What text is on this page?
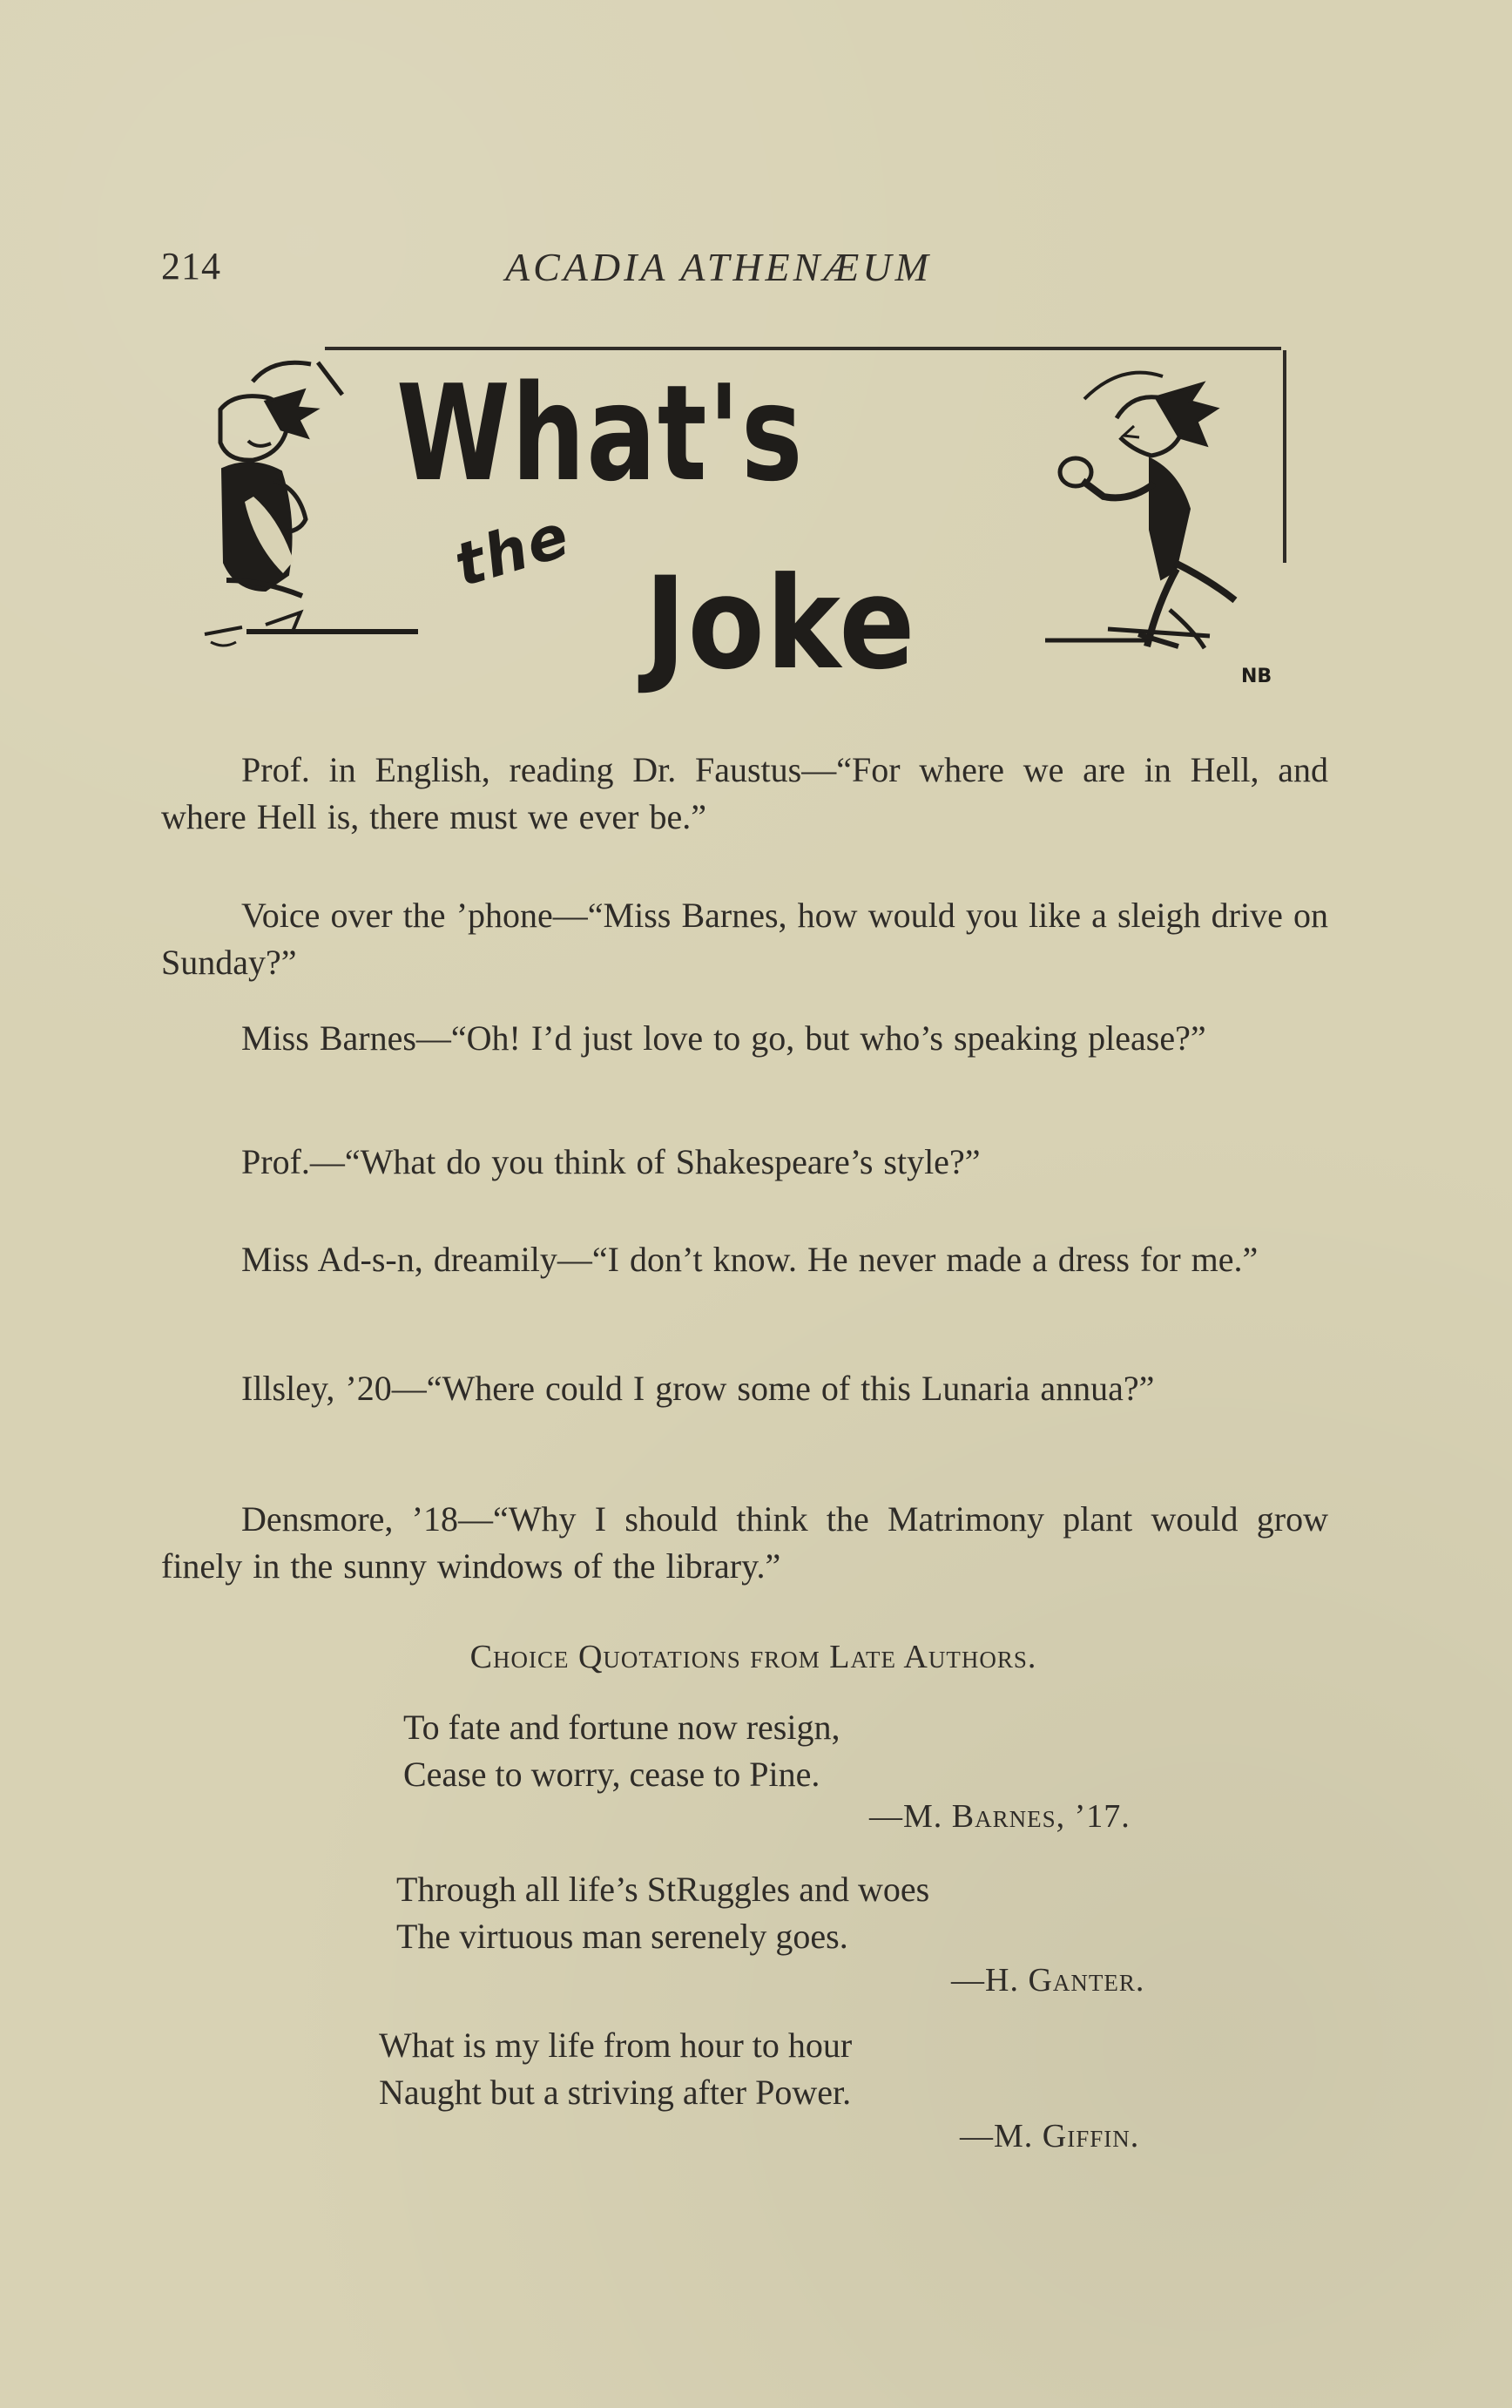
214	ACADIA ATHENÆUM
What's
the Joke	NB
Prof. in English, reading Dr. Faustus—“For where we are in Hell, and where Hell is, there must we ever be.”
Voice over the ’phone—“Miss Barnes, how would you like a sleigh drive on Sunday?”
Miss Barnes—“Oh! I’d just love to go, but who’s speaking please?”
Prof.—“What do you think of Shakespeare’s style?”
Miss Ad-s-n, dreamily—“I don’t know. He never made a dress for me.”
Illsley, ’20—“Where could I grow some of this Lunaria annua?”
Densmore, ’18—“Why I should think the Matrimony plant would grow finely in the sunny windows of the library.”
Choice Quotations from Late Authors.
To fate and fortune now resign,
Cease to worry, cease to Pine.
—M. Barnes, ’17.
Through all life’s StRuggles and woes
The virtuous man serenely goes.
—H. Ganter.
What is my life from hour to hour
Naught but a striving after Power.
—M. Giffin.
